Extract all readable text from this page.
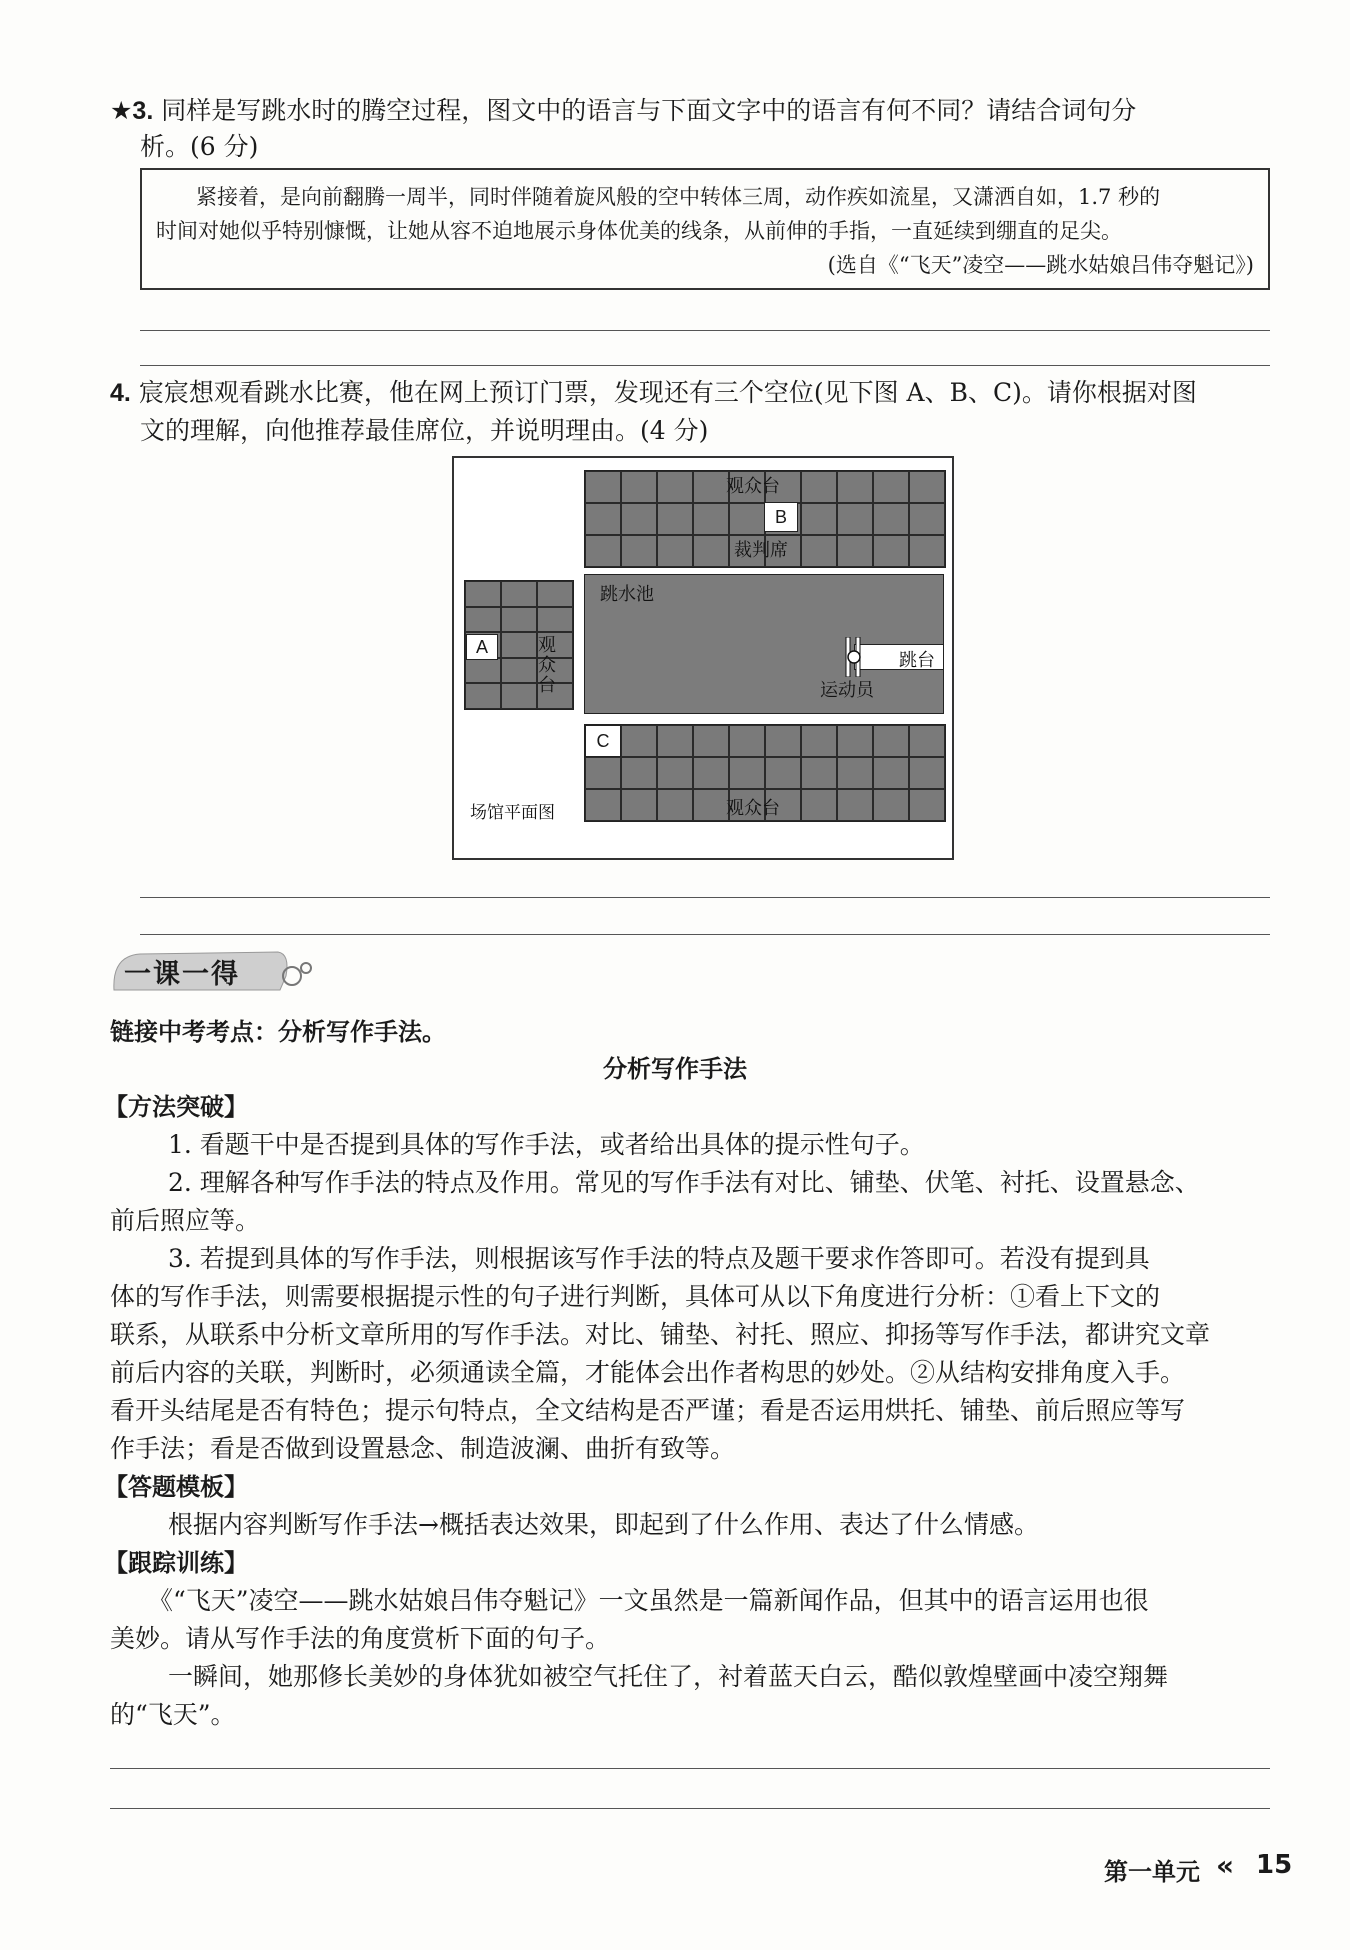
★3. 同样是写跳水时的腾空过程，图文中的语言与下面文字中的语言有何不同？请结合词句分
析。(6 分)
紧接着，是向前翻腾一周半，同时伴随着旋风般的空中转体三周，动作疾如流星，又潇洒自如，1.7 秒的
时间对她似乎特别慷慨，让她从容不迫地展示身体优美的线条，从前伸的手指，一直延续到绷直的足尖。
(选自《“飞天”凌空——跳水姑娘吕伟夺魁记》)
4. 宸宸想观看跳水比赛，他在网上预订门票，发现还有三个空位(见下图 A、B、C)。请你根据对图
文的理解，向他推荐最佳席位，并说明理由。(4 分)
观众台
B
裁判席
跳水池
跳台
运动员
A	观众台
C
观众台
场馆平面图
一课一得
链接中考考点：分析写作手法。
分析写作手法
【方法突破】
1. 看题干中是否提到具体的写作手法，或者给出具体的提示性句子。
2. 理解各种写作手法的特点及作用。常见的写作手法有对比、铺垫、伏笔、衬托、设置悬念、
前后照应等。
3. 若提到具体的写作手法，则根据该写作手法的特点及题干要求作答即可。若没有提到具
体的写作手法，则需要根据提示性的句子进行判断，具体可从以下角度进行分析：①看上下文的
联系，从联系中分析文章所用的写作手法。对比、铺垫、衬托、照应、抑扬等写作手法，都讲究文章
前后内容的关联，判断时，必须通读全篇，才能体会出作者构思的妙处。②从结构安排角度入手。
看开头结尾是否有特色；提示句特点，全文结构是否严谨；看是否运用烘托、铺垫、前后照应等写
作手法；看是否做到设置悬念、制造波澜、曲折有致等。
【答题模板】
根据内容判断写作手法→概括表达效果，即起到了什么作用、表达了什么情感。
【跟踪训练】
《“飞天”凌空——跳水姑娘吕伟夺魁记》一文虽然是一篇新闻作品，但其中的语言运用也很
美妙。请从写作手法的角度赏析下面的句子。
一瞬间，她那修长美妙的身体犹如被空气托住了，衬着蓝天白云，酷似敦煌壁画中凌空翔舞
的“飞天”。
第一单元 « 15
